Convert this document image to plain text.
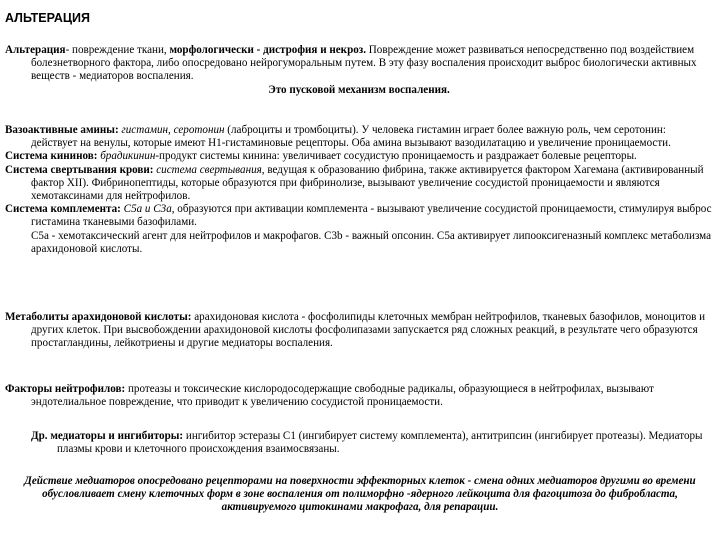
АЛЬТЕРАЦИЯ

Альтерация- повреждение ткани, морфологически - дистрофия и некроз. Повреждение может развиваться непосредственно под воздействием болезнетворного фактора, либо опосредовано нейрогуморальным путем. В эту фазу воспаления происходит выброс биологически активных веществ - медиаторов воспаления.

Это пусковой механизм воспаления.

Вазоактивные амины: гистамин, серотонин (лаброциты и тромбоциты). У человека гистамин играет более важную роль, чем серотонин: действует на венулы, которые имеют Н1-гистаминовые рецепторы. Оба амина вызывают вазодилатацию и увеличение проницаемости.

Система кининов: брадикинин-продукт системы кинина: увеличивает сосудистую проницаемость и раздражает болевые рецепторы.

Система свертывания крови: система свертывания, ведущая к образованию фибрина, также активируется фактором Хагемана (активированный фактор XII). Фибринопептиды, которые образуются при фибринолизе, вызывают увеличение сосудистой проницаемости и являются хемотаксинами для нейтрофилов.

Система комплемента: С5а и С3а, образуются при активации комплемента - вызывают увеличение сосудистой проницаемости, стимулируя выброс гистамина тканевыми базофилами.

С5а - хемотаксический агент для нейтрофилов и макрофагов. С3b - важный опсонин. С5а активирует липооксигеназный комплекс метаболизма арахидоновой кислоты.

Метаболиты арахидоновой кислоты: арахидоновая кислота - фосфолипиды клеточных мембран нейтрофилов, тканевых базофилов, моноцитов и других клеток. При высвобождении арахидоновой кислоты фосфолипазами запускается ряд сложных реакций, в результате чего образуются простагландины, лейкотриены и другие медиаторы воспаления.

Факторы нейтрофилов: протеазы и токсические кислородосодержащие свободные радикалы, образующиеся в нейтрофилах, вызывают эндотелиальное повреждение, что приводит к увеличению сосудистой проницаемости.

Др. медиаторы и ингибиторы: ингибитор эстеразы С1 (ингибирует систему комплемента), антитрипсин (ингибирует протеазы). Медиаторы плазмы крови и клеточного происхождения взаимосвязаны.

Действие медиаторов опосредовано рецепторами на поверхности эффекторных клеток - смена одних медиаторов другими во времени обусловливает смену клеточных форм в зоне воспаления от полиморфно -ядерного лейкоцита для фагоцитоза до фибробласта, активируемого цитокинами макрофага, для репарации.
